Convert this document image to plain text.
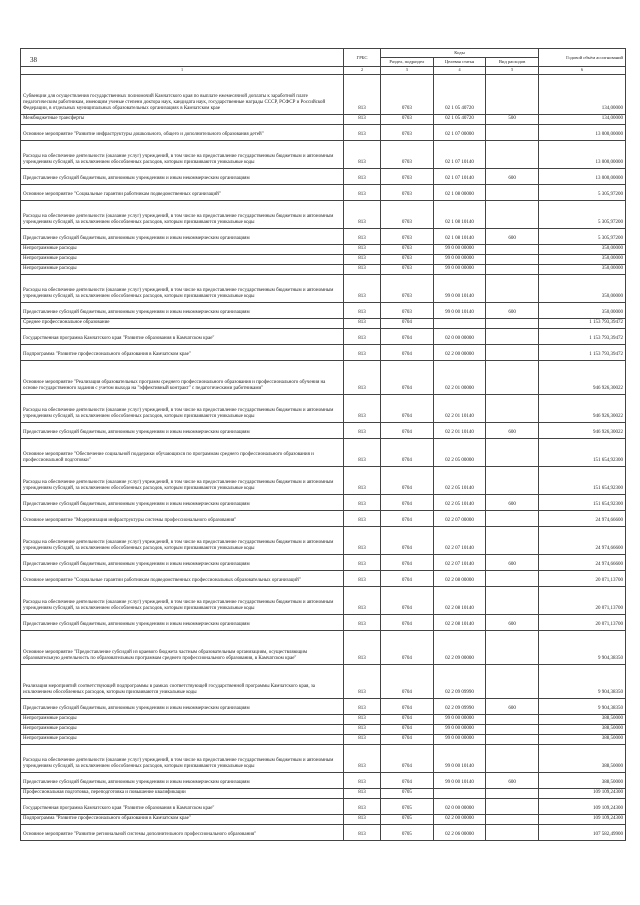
38
		ГРБС	Коды			Годовой объём ассигнований
		Раздел, подраздел	Целевая статья	Вид расходов	
1	2	3	4	5	6
Субвенции для осуществления государственных полномочий Камчатского края по выплате ежемесячной доплаты к заработной плате педагогическим работникам, имеющим ученые степени доктора наук, кандидата наук, государственные награды СССР, РСФСР и Российской Федерации, в отдельных муниципальных образовательных организациях в Камчатском крае	813	0703	02 1 05 40720		134,00000
Межбюджетные трансферты	813	0703	02 1 05 40720	500	134,00000
Основное мероприятие "Развитие инфраструктуры дошкольного, общего и дополнительного образования детей"	813	0703	02 1 07 00000		13 000,00000
Расходы на обеспечение деятельности (оказание услуг) учреждений, в том числе на предоставление государственным бюджетным и автономным учреждениям субсидий, за исключением обособленных расходов, которым присваиваются уникальные коды	813	0703	02 1 07 10140		13 000,00000
Предоставление субсидий бюджетным, автономным учреждениям и иным некоммерческим организациям	813	0703	02 1 07 10140	600	13 000,00000
Основное мероприятие "Социальные гарантии работникам подведомственных организаций"	813	0703	02 1 08 00000		5 305,97200
Расходы на обеспечение деятельности (оказание услуг) учреждений, в том числе на предоставление государственным бюджетным и автономным учреждениям субсидий, за исключением обособленных расходов, которым присваиваются уникальные коды	813	0703	02 1 08 10140		5 305,97200
Предоставление субсидий бюджетным, автономным учреждениям и иным некоммерческим организациям	813	0703	02 1 08 10140	600	5 305,97200
Непрограммные расходы	813	0703	99 0 00 00000		350,00000
Непрограммные расходы	813	0703	99 0 00 00000		350,00000
Непрограммные расходы	813	0703	99 0 00 00000		350,00000
Расходы на обеспечение деятельности (оказание услуг) учреждений, в том числе на предоставление государственным бюджетным и автономным учреждениям субсидий, за исключением обособленных расходов, которым присваиваются уникальные коды	813	0703	99 0 00 10140		350,00000
Предоставление субсидий бюджетным, автономным учреждениям и иным некоммерческим организациям	813	0703	99 0 00 10140	600	350,00000
Среднее профессиональное образование	813	0704			1 153 793,39472
Государственная программа Камчатского края "Развитие образования в Камчатском крае"	813	0704	02 0 00 00000		1 153 793,39472
Подпрограмма "Развитие профессионального образования в Камчатском крае"	813	0704	02 2 00 00000		1 153 793,39472
Основное мероприятие "Реализация образовательных программ среднего профессионального образования и профессионального обучения на основе государственного задания с учетом выхода на "эффективный контракт" с педагогическими работниками"	813	0704	02 2 01 00000		946 926,30022
Расходы на обеспечение деятельности (оказание услуг) учреждений, в том числе на предоставление государственным бюджетным и автономным учреждениям субсидий, за исключением обособленных расходов, которым присваиваются уникальные коды	813	0704	02 2 01 10140		946 926,30022
Предоставление субсидий бюджетным, автономным учреждениям и иным некоммерческим организациям	813	0704	02 2 01 10140	600	946 926,30022
Основное мероприятие "Обеспечение социальной поддержки обучающихся по программам среднего профессионального образования и профессиональной подготовки"	813	0704	02 2 05 00000		151 654,92300
Расходы на обеспечение деятельности (оказание услуг) учреждений, в том числе на предоставление государственным бюджетным и автономным учреждениям субсидий, за исключением обособленных расходов, которым присваиваются уникальные коды	813	0704	02 2 05 10140		151 654,92300
Предоставление субсидий бюджетным, автономным учреждениям и иным некоммерческим организациям	813	0704	02 2 05 10140	600	151 654,92300
Основное мероприятие "Модернизация инфраструктуры системы профессионального образования"	813	0704	02 2 07 00000		24 974,66600
Расходы на обеспечение деятельности (оказание услуг) учреждений, в том числе на предоставление государственным бюджетным и автономным учреждениям субсидий, за исключением обособленных расходов, которым присваиваются уникальные коды	813	0704	02 2 07 10140		24 974,66600
Предоставление субсидий бюджетным, автономным учреждениям и иным некоммерческим организациям	813	0704	02 2 07 10140	600	24 974,66600
Основное мероприятие "Социальные гарантии работникам подведомственных профессиональных образовательных организаций"	813	0704	02 2 08 00000		20 071,13700
Расходы на обеспечение деятельности (оказание услуг) учреждений, в том числе на предоставление государственным бюджетным и автономным учреждениям субсидий, за исключением обособленных расходов, которым присваиваются уникальные коды	813	0704	02 2 08 10140		20 071,13700
Предоставление субсидий бюджетным, автономным учреждениям и иным некоммерческим организациям	813	0704	02 2 08 10140	600	20 071,13700
Основное мероприятие "Предоставление субсидий из краевого бюджета частным образовательным организациям, осуществляющим образовательную деятельность по образовательным программам среднего профессионального образования, в Камчатском крае"	813	0704	02 2 09 00000		9 904,38350
Реализация мероприятий соответствующей подпрограммы в рамках соответствующей государственной программы Камчатского края, за исключением обособленных расходов, которым присваиваются уникальные коды	813	0704	02 2 09 09990		9 904,38350
Предоставление субсидий бюджетным, автономным учреждениям и иным некоммерческим организациям	813	0704	02 2 09 09990	600	9 904,38350
Непрограммные расходы	813	0704	99 0 00 00000		388,50000
Непрограммные расходы	813	0704	99 0 00 00000		388,50000
Непрограммные расходы	813	0704	99 0 00 00000		388,50000
Расходы на обеспечение деятельности (оказание услуг) учреждений, в том числе на предоставление государственным бюджетным и автономным учреждениям субсидий, за исключением обособленных расходов, которым присваиваются уникальные коды	813	0704	99 0 00 10140		388,50000
Предоставление субсидий бюджетным, автономным учреждениям и иным некоммерческим организациям	813	0704	99 0 00 10140	600	388,50000
Профессиональная подготовка, переподготовка и повышение квалификации	813	0705			109 109,24300
Государственная программа Камчатского края "Развитие образования в Камчатском крае"	813	0705	02 0 00 00000		109 109,24300
Подпрограмма "Развитие профессионального образования в Камчатском крае"	813	0705	02 2 00 00000		109 109,24300
Основное мероприятие "Развитие региональной системы дополнительного профессионального образования"	813	0705	02 2 06 00000		107 582,49900
